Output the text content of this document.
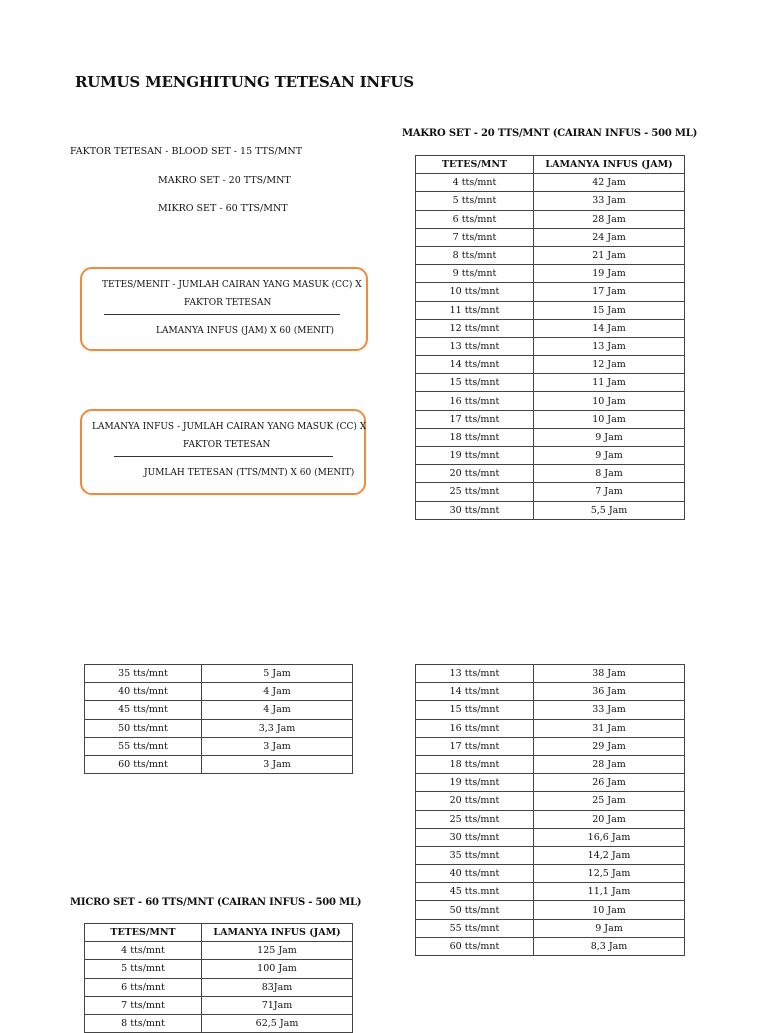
RUMUS MENGHITUNG TETESAN INFUS
FAKTOR TETESAN - BLOOD SET - 15 TTS/MNT
MAKRO SET - 20 TTS/MNT
MIKRO SET - 60 TTS/MNT
TETES/MENIT - JUMLAH CAIRAN YANG MASUK (CC) X
FAKTOR TETESAN
LAMANYA INFUS (JAM) X 60 (MENIT)
LAMANYA INFUS - JUMLAH CAIRAN YANG MASUK (CC) X
FAKTOR TETESAN
JUMLAH TETESAN (TTS/MNT) X 60 (MENIT)
MAKRO SET - 20 TTS/MNT (CAIRAN INFUS - 500 ML)
TETES/MNT	LAMANYA INFUS (JAM)
4 tts/mnt	42 Jam
5 tts/mnt	33 Jam
6 tts/mnt	28 Jam
7 tts/mnt	24 Jam
8 tts/mnt	21 Jam
9 tts/mnt	19 Jam
10 tts/mnt	17 Jam
11 tts/mnt	15 Jam
12 tts/mnt	14 Jam
13 tts/mnt	13 Jam
14 tts/mnt	12 Jam
15 tts/mnt	11 Jam
16 tts/mnt	10 Jam
17 tts/mnt	10 Jam
18 tts/mnt	9 Jam
19 tts/mnt	9 Jam
20 tts/mnt	8 Jam
25 tts/mnt	7 Jam
30 tts/mnt	5,5 Jam
35 tts/mnt	5 Jam
40 tts/mnt	4 Jam
45 tts/mnt	4 Jam
50 tts/mnt	3,3 Jam
55 tts/mnt	3 Jam
60 tts/mnt	3 Jam
13 tts/mnt	38 Jam
14 tts/mnt	36 Jam
15 tts/mnt	33 Jam
16 tts/mnt	31 Jam
17 tts/mnt	29 Jam
18 tts/mnt	28 Jam
19 tts/mnt	26 Jam
20 tts/mnt	25 Jam
25 tts/mnt	20 Jam
30 tts/mnt	16,6 Jam
35 tts/mnt	14,2 Jam
40 tts/mnt	12,5 Jam
45 tts.mnt	11,1 Jam
50 tts/mnt	10 Jam
55 tts/mnt	9 Jam
60 tts/mnt	8,3 Jam
MICRO SET - 60 TTS/MNT (CAIRAN INFUS - 500 ML)
TETES/MNT	LAMANYA INFUS (JAM)
4 tts/mnt	125 Jam
5 tts/mnt	100 Jam
6 tts/mnt	83Jam
7 tts/mnt	71Jam
8 tts/mnt	62,5 Jam
